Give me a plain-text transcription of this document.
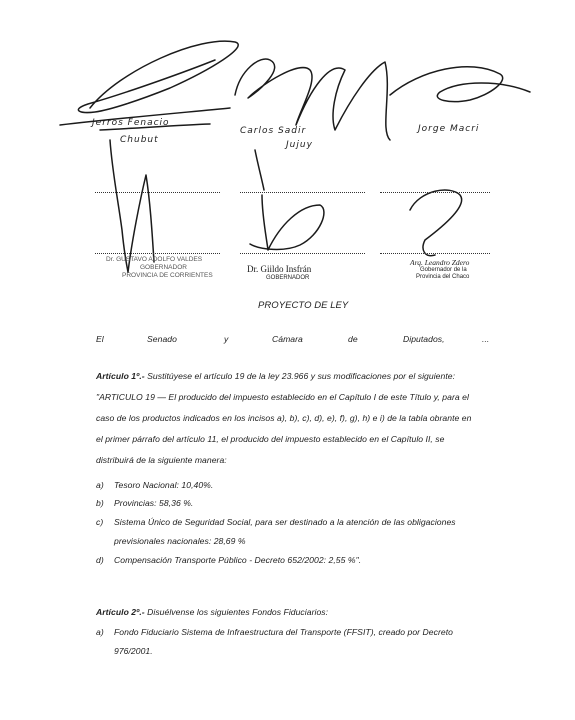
Jerros Fenacio
Chubut
Carlos Sadir
Jujuy
Jorge Macri
Dr. GUSTAVO ADOLFO VALDES
GOBERNADOR
PROVINCIA DE CORRIENTES
Dr. Giildo Insfrán
GOBERNADOR
Arq. Leandro Zdero
Gobernador de la
Provincia del Chaco
PROYECTO DE LEY
El	Senado	y	Cámara	de	Diputados,	...
Artículo 1º.- Sustitúyese el artículo 19 de la ley 23.966 y sus modificaciones por el siguiente:
"ARTICULO 19 — El producido del impuesto establecido en el Capítulo I de este Título y, para el
caso de los productos indicados en los incisos a), b), c), d), e), f), g), h) e i) de la tabla obrante en
el primer párrafo del artículo 11, el producido del impuesto establecido en el Capítulo II, se
distribuirá de la siguiente manera:
a) Tesoro Nacional: 10,40%.
b) Provincias: 58,36 %.
c) Sistema Único de Seguridad Social, para ser destinado a la atención de las obligaciones
previsionales nacionales: 28,69 %
d) Compensación Transporte Público - Decreto 652/2002: 2,55 %".
Artículo 2º.- Disuélvense los siguientes Fondos Fiduciarios:
a) Fondo Fiduciario Sistema de Infraestructura del Transporte (FFSIT), creado por Decreto
976/2001.
